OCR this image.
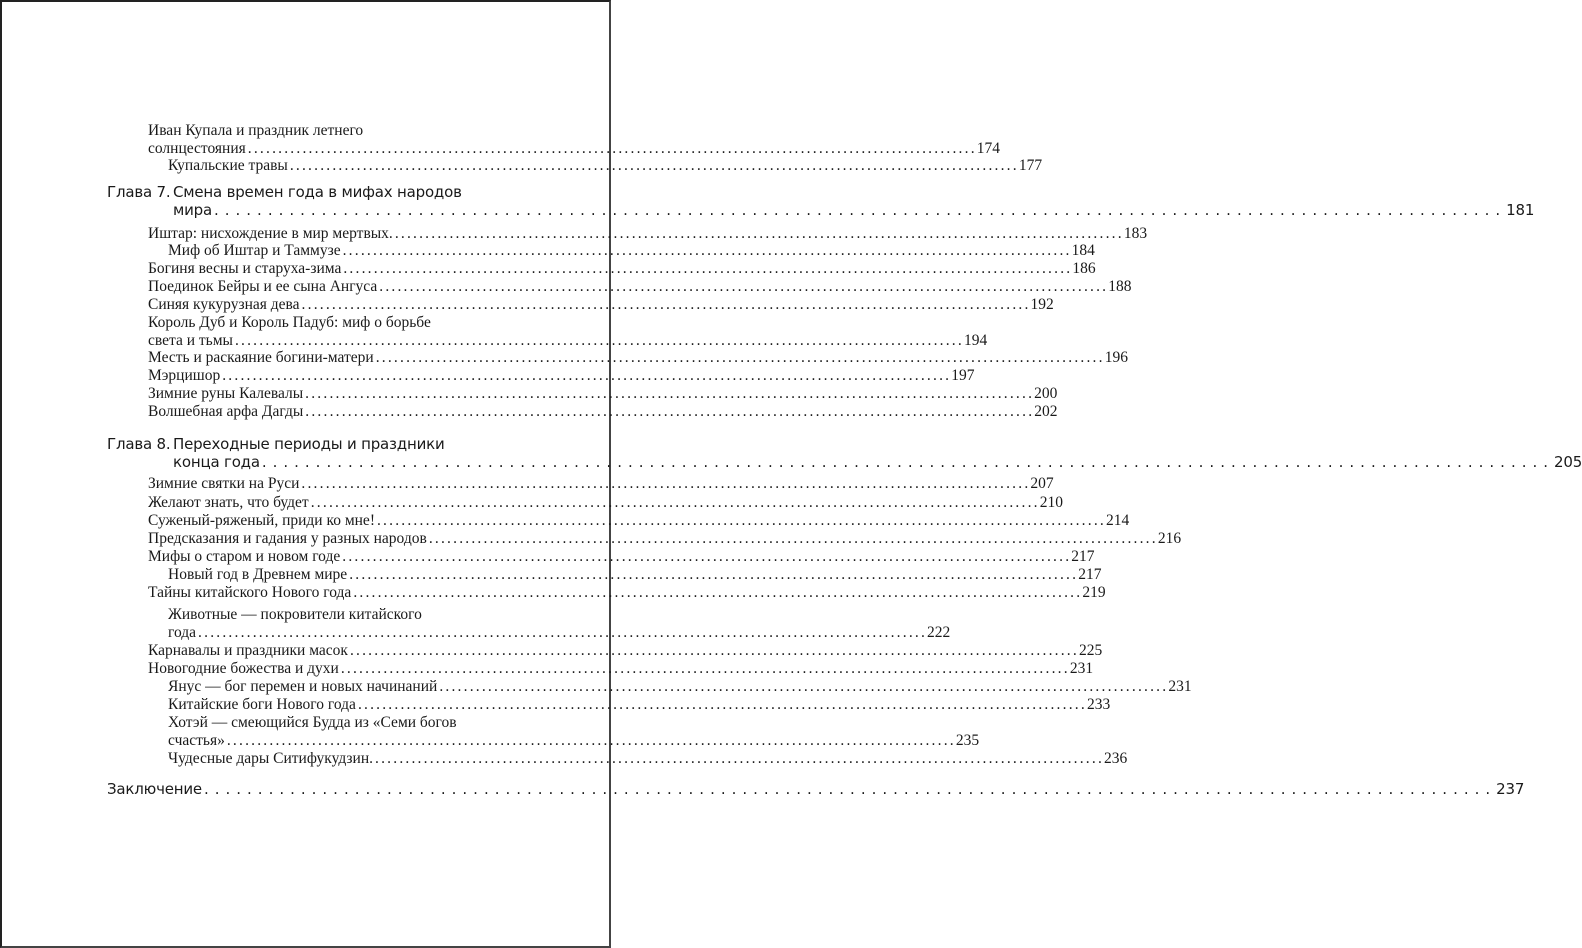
Иван Купала и праздник летнего
солнцестояния ........................................................................................................................ 174
Купальские травы ........................................................................................................................ 177
Глава 7. Смена времен года в мифах народов
мира ........................................................................................................................ 181
Иштар: нисхождение в мир мертвых. ........................................................................................................................ 183
Миф об Иштар и Таммузе ........................................................................................................................ 184
Богиня весны и старуха-зима ........................................................................................................................ 186
Поединок Бейры и ее сына Ангуса ........................................................................................................................ 188
Синяя кукурузная дева ........................................................................................................................ 192
Король Дуб и Король Падуб: миф о борьбе
света и тьмы ........................................................................................................................ 194
Месть и раскаяние богини-матери ........................................................................................................................ 196
Мэрцишор ........................................................................................................................ 197
Зимние руны Калевалы ........................................................................................................................ 200
Волшебная арфа Дагды ........................................................................................................................ 202
Глава 8. Переходные периоды и праздники
конца года ........................................................................................................................ 205
Зимние святки на Руси ........................................................................................................................ 207
Желают знать, что будет ........................................................................................................................ 210
Суженый-ряженый, приди ко мне! ........................................................................................................................ 214
Предсказания и гадания у разных народов ........................................................................................................................ 216
Мифы о старом и новом годе ........................................................................................................................ 217
Новый год в Древнем мире ........................................................................................................................ 217
Тайны китайского Нового года ........................................................................................................................ 219
Животные — покровители китайского
года ........................................................................................................................ 222
Карнавалы и праздники масок ........................................................................................................................ 225
Новогодние божества и духи ........................................................................................................................ 231
Янус — бог перемен и новых начинаний ........................................................................................................................ 231
Китайские боги Нового года ........................................................................................................................ 233
Хотэй — смеющийся Будда из «Семи богов
счастья» ........................................................................................................................ 235
Чудесные дары Ситифукудзин. ........................................................................................................................ 236
Заключение ........................................................................................................................ 237
